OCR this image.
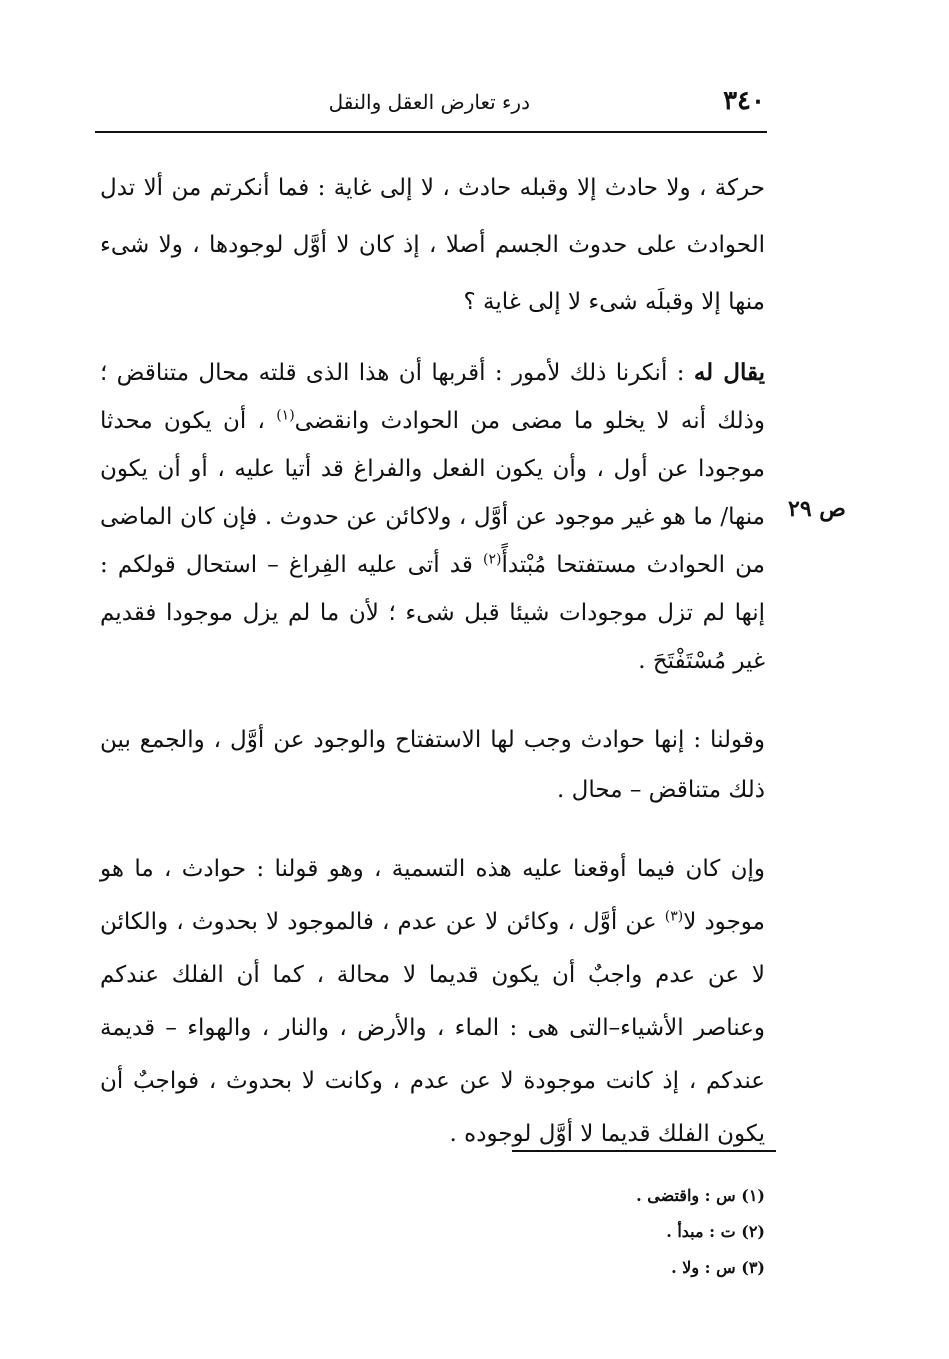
٣٤٠
درء تعارض العقل والنقل
ص ٢٩

حركة ، ولا حادث إلا وقبله حادث ، لا إلى غاية : فما أنكرتم من ألا تدل الحوادث على حدوث الجسم أصلا ، إذ كان لا أوَّل لوجودها ، ولا شىء منها إلا وقبلَه شىء لا إلى غاية ؟

يقال له : أنكرنا ذلك لأمور : أقربها أن هذا الذى قلته محال متناقض ؛ وذلك أنه لا يخلو ما مضى من الحوادث وانقضى$^{(١)}$ ، أن يكون محدثا موجودا عن أول ، وأن يكون الفعل والفراغ قد أتيا عليه ، أو أن يكون منها/ ما هو غير موجود عن أوَّل ، ولاكائن عن حدوث . فإن كان الماضى من الحوادث مستفتحا مُبْتدأً$^{(٢)}$ قد أتى عليه الفِراغ – استحال قولكم : إنها لم تزل موجودات شيئا قبل شىء ؛ لأن ما لم يزل موجودا فقديم غير مُسْتَفْتَحَ .

وقولنا : إنها حوادث وجب لها الاستفتاح والوجود عن أوَّل ، والجمع بين ذلك متناقض – محال .

وإن كان فيما أوقعنا عليه هذه التسمية ، وهو قولنا : حوادث ، ما هو موجود لا$^{(٣)}$ عن أوَّل ، وكائن لا عن عدم ، فالموجود لا بحدوث ، والكائن لا عن عدم واجبٌ أن يكون قديما لا محالة ، كما أن الفلك عندكم وعناصر الأشياء–التى هى : الماء ، والأرض ، والنار ، والهواء – قديمة عندكم ، إذ كانت موجودة لا عن عدم ، وكانت لا بحدوث ، فواجبٌ أن يكون الفلك قديما لا أوَّل لوجوده .

(١) س : واقتضى .
(٢) ت : مبدأ .
(٣) س : ولا .
